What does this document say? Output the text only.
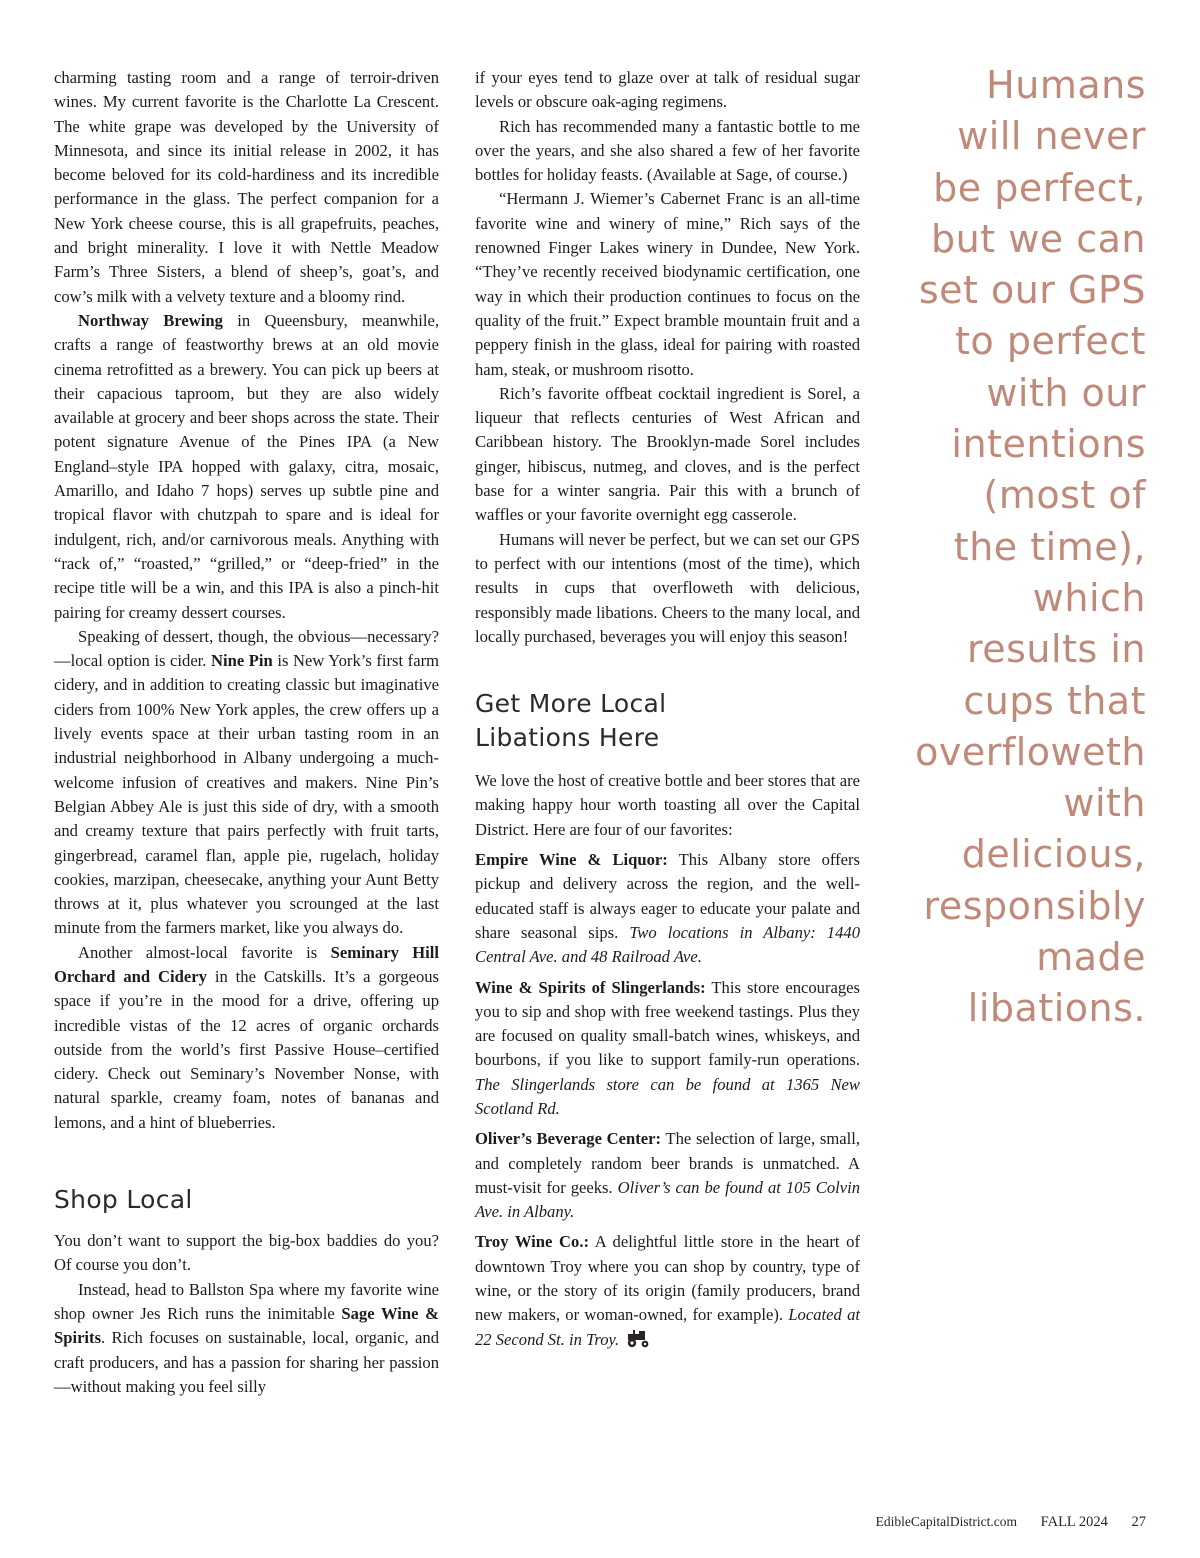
charming tasting room and a range of terroir-driven wines. My current favorite is the Charlotte La Crescent. The white grape was developed by the University of Minnesota, and since its initial release in 2002, it has become beloved for its cold-hardiness and its incredible performance in the glass. The perfect companion for a New York cheese course, this is all grapefruits, peaches, and bright minerality. I love it with Nettle Meadow Farm’s Three Sisters, a blend of sheep’s, goat’s, and cow’s milk with a velvety texture and a bloomy rind.

Northway Brewing in Queensbury, meanwhile, crafts a range of feastworthy brews at an old movie cinema retrofitted as a brewery. You can pick up beers at their capacious taproom, but they are also widely available at grocery and beer shops across the state. Their potent signature Avenue of the Pines IPA (a New England–style IPA hopped with galaxy, citra, mosaic, Amarillo, and Idaho 7 hops) serves up subtle pine and tropical flavor with chutzpah to spare and is ideal for indulgent, rich, and/or carnivorous meals. Anything with “rack of,” “roasted,” “grilled,” or “deep-fried” in the recipe title will be a win, and this IPA is also a pinch-hit pairing for creamy dessert courses.

Speaking of dessert, though, the obvious—necessary?—local option is cider. Nine Pin is New York’s first farm cidery, and in addition to creating classic but imaginative ciders from 100% New York apples, the crew offers up a lively events space at their urban tasting room in an industrial neighborhood in Albany undergoing a much-welcome infusion of creatives and makers. Nine Pin’s Belgian Abbey Ale is just this side of dry, with a smooth and creamy texture that pairs perfectly with fruit tarts, gingerbread, caramel flan, apple pie, rugelach, holiday cookies, marzipan, cheesecake, anything your Aunt Betty throws at it, plus whatever you scrounged at the last minute from the farmers market, like you always do.

Another almost-local favorite is Seminary Hill Orchard and Cidery in the Catskills. It’s a gorgeous space if you’re in the mood for a drive, offering up incredible vistas of the 12 acres of organic orchards outside from the world’s first Passive House–certified cidery. Check out Seminary’s November Nonse, with natural sparkle, creamy foam, notes of bananas and lemons, and a hint of blueberries.

Shop Local

You don’t want to support the big-box baddies do you? Of course you don’t.

Instead, head to Ballston Spa where my favorite wine shop owner Jes Rich runs the inimitable Sage Wine & Spirits. Rich focuses on sustainable, local, organic, and craft producers, and has a passion for sharing her passion—without making you feel silly

if your eyes tend to glaze over at talk of residual sugar levels or obscure oak-aging regimens.

Rich has recommended many a fantastic bottle to me over the years, and she also shared a few of her favorite bottles for holiday feasts. (Available at Sage, of course.)

“Hermann J. Wiemer’s Cabernet Franc is an all-time favorite wine and winery of mine,” Rich says of the renowned Finger Lakes winery in Dundee, New York. “They’ve recently received biodynamic certification, one way in which their production continues to focus on the quality of the fruit.” Expect bramble mountain fruit and a peppery finish in the glass, ideal for pairing with roasted ham, steak, or mushroom risotto.

Rich’s favorite offbeat cocktail ingredient is Sorel, a liqueur that reflects centuries of West African and Caribbean history. The Brooklyn-made Sorel includes ginger, hibiscus, nutmeg, and cloves, and is the perfect base for a winter sangria. Pair this with a brunch of waffles or your favorite overnight egg casserole.

Humans will never be perfect, but we can set our GPS to perfect with our intentions (most of the time), which results in cups that overfloweth with delicious, responsibly made libations. Cheers to the many local, and locally purchased, beverages you will enjoy this season!

Get More Local
Libations Here

We love the host of creative bottle and beer stores that are making happy hour worth toasting all over the Capital District. Here are four of our favorites:

Empire Wine & Liquor: This Albany store offers pickup and delivery across the region, and the well-educated staff is always eager to educate your palate and share seasonal sips. Two locations in Albany: 1440 Central Ave. and 48 Railroad Ave.

Wine & Spirits of Slingerlands: This store encourages you to sip and shop with free weekend tastings. Plus they are focused on quality small-batch wines, whiskeys, and bourbons, if you like to support family-run operations. The Slingerlands store can be found at 1365 New Scotland Rd.

Oliver’s Beverage Center: The selection of large, small, and completely random beer brands is unmatched. A must-visit for geeks. Oliver’s can be found at 105 Colvin Ave. in Albany.

Troy Wine Co.: A delightful little store in the heart of downtown Troy where you can shop by country, type of wine, or the story of its origin (family producers, brand new makers, or woman-owned, for example). Located at 22 Second St. in Troy.

Humans
will never
be perfect,
but we can
set our GPS
to perfect
with our
intentions
(most of
the time),
which
results in
cups that
overfloweth
with
delicious,
responsibly
made
libations.
EdibleCapitalDistrict.com FALL 2024 27
